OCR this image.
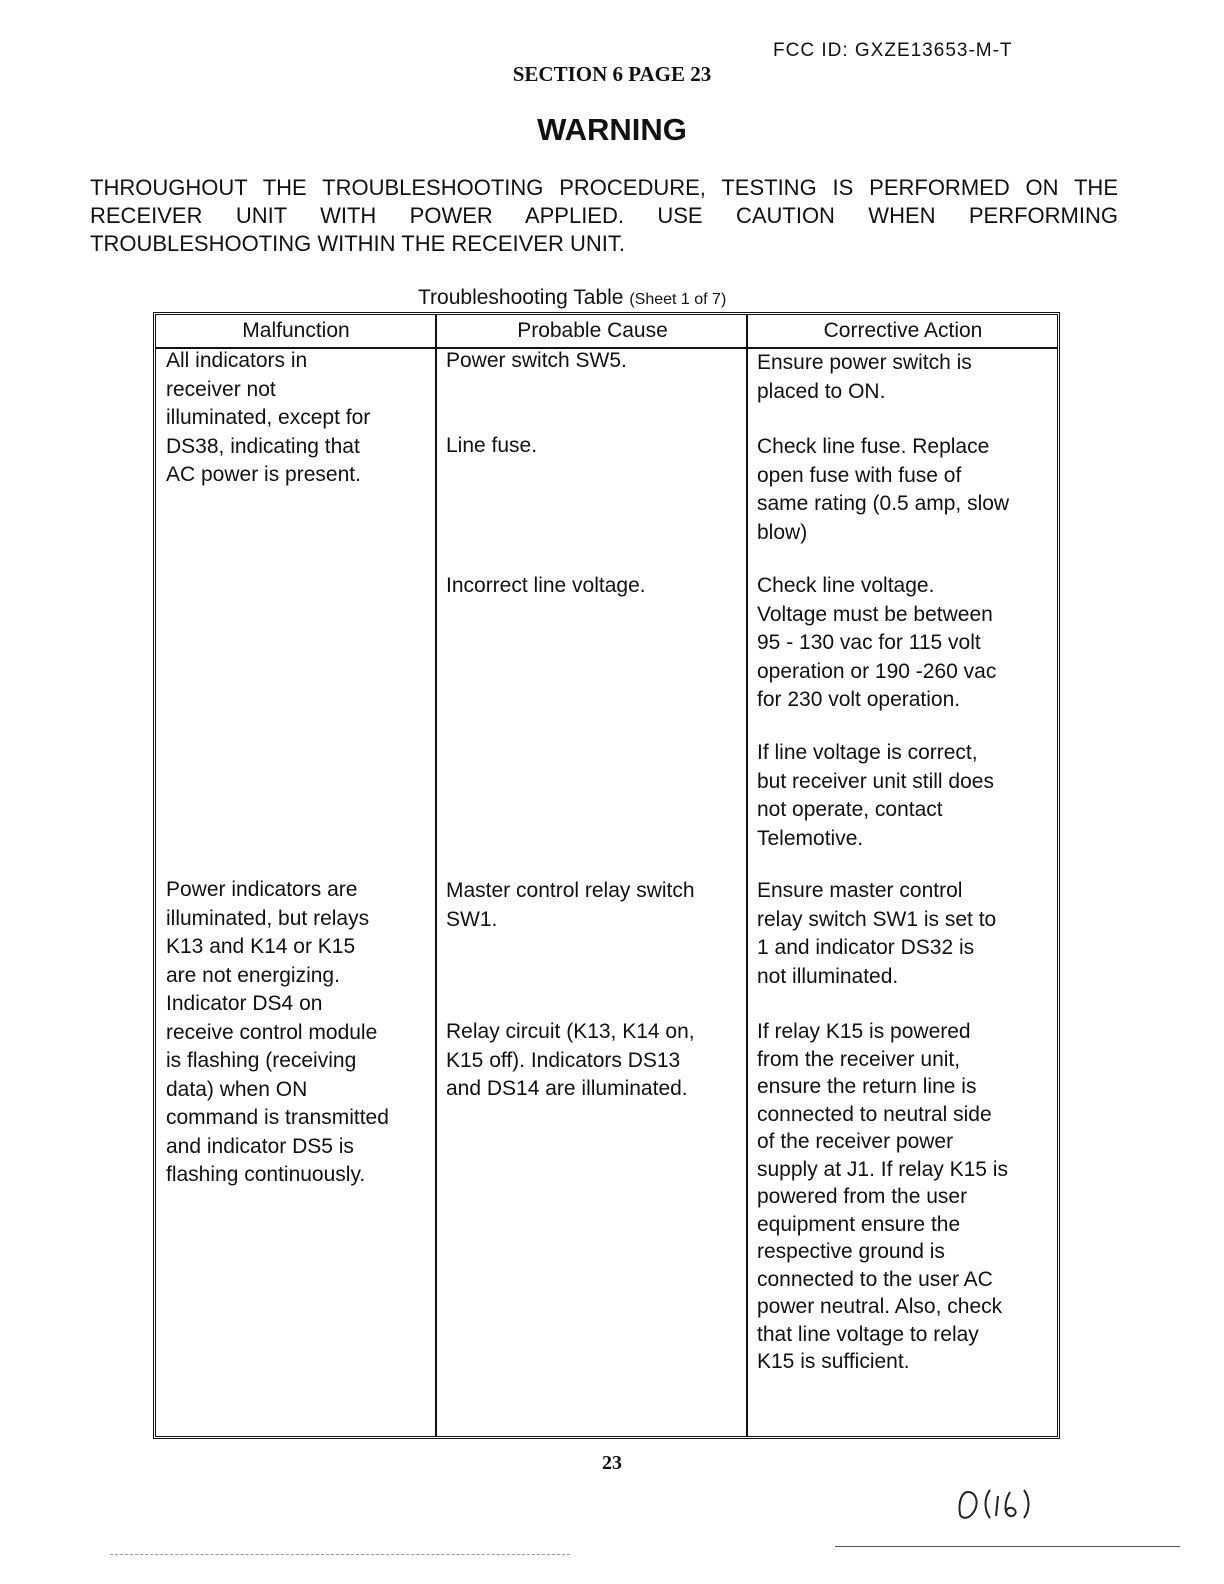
FCC ID: GXZE13653-M-T
SECTION 6 PAGE 23
WARNING
THROUGHOUT THE TROUBLESHOOTING PROCEDURE, TESTING IS PERFORMED ON THE RECEIVER UNIT WITH POWER APPLIED. USE CAUTION WHEN PERFORMING TROUBLESHOOTING WITHIN THE RECEIVER UNIT.
Troubleshooting Table (Sheet 1 of 7)
Malfunction	Probable Cause	Corrective Action
All indicators in
receiver not
illuminated, except for
DS38, indicating that
AC power is present.
Power indicators are
illuminated, but relays
K13 and K14 or K15
are not energizing.
Indicator DS4 on
receive control module
is flashing (receiving
data) when ON
command is transmitted
and indicator DS5 is
flashing continuously.
Power switch SW5.
Line fuse.
Incorrect line voltage.
Master control relay switch
SW1.
Relay circuit (K13, K14 on,
K15 off). Indicators DS13
and DS14 are illuminated.
Ensure power switch is
placed to ON.
Check line fuse. Replace
open fuse with fuse of
same rating (0.5 amp, slow
blow)
Check line voltage.
Voltage must be between
95 - 130 vac for 115 volt
operation or 190 -260 vac
for 230 volt operation.
If line voltage is correct,
but receiver unit still does
not operate, contact
Telemotive.
Ensure master control
relay switch SW1 is set to
1 and indicator DS32 is
not illuminated.
If relay K15 is powered
from the receiver unit,
ensure the return line is
connected to neutral side
of the receiver power
supply at J1. If relay K15 is
powered from the user
equipment ensure the
respective ground is
connected to the user AC
power neutral. Also, check
that line voltage to relay
K15 is sufficient.
23
